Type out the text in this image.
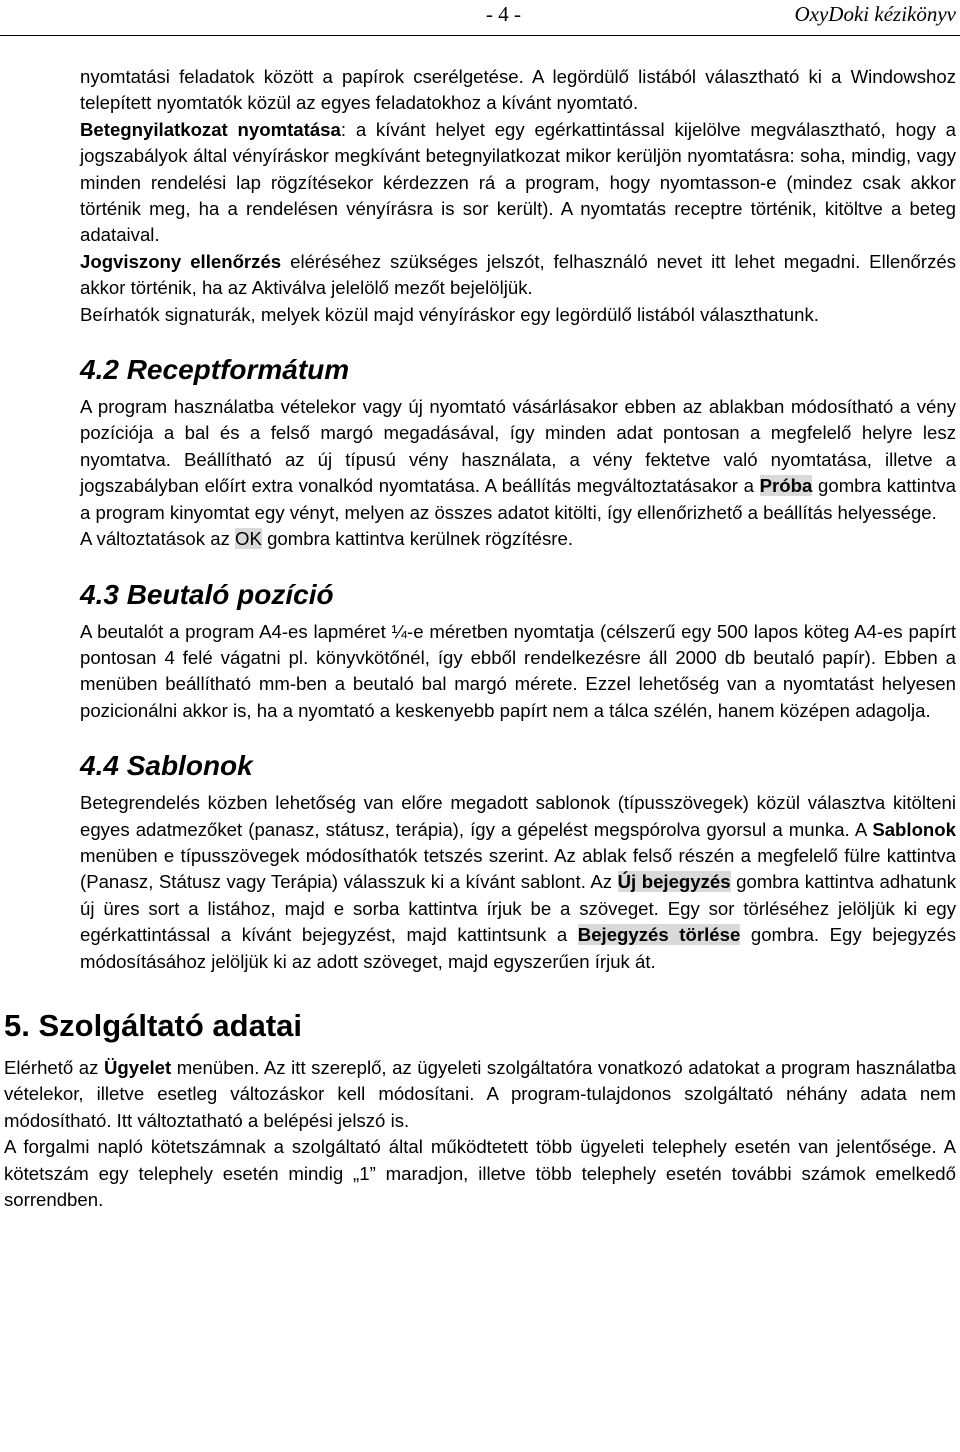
- 4 -	OxyDoki kézikönyv

nyomtatási feladatok között a papírok cserélgetése. A legördülő listából választható ki a Windowshoz telepített nyomtatók közül az egyes feladatokhoz a kívánt nyomtató.

Betegnyilatkozat nyomtatása: a kívánt helyet egy egérkattintással kijelölve megválasztható, hogy a jogszabályok által vényíráskor megkívánt betegnyilatkozat mikor kerüljön nyomtatásra: soha, mindig, vagy minden rendelési lap rögzítésekor kérdezzen rá a program, hogy nyomtasson-e (mindez csak akkor történik meg, ha a rendelésen vényírásra is sor került). A nyomtatás receptre történik, kitöltve a beteg adataival.

Jogviszony ellenőrzés eléréséhez szükséges jelszót, felhasználó nevet itt lehet megadni. Ellenőrzés akkor történik, ha az Aktiválva jelelölő mezőt bejelöljük.

Beírhatók signaturák, melyek közül majd vényíráskor egy legördülő listából választhatunk.

4.2 Receptformátum

A program használatba vételekor vagy új nyomtató vásárlásakor ebben az ablakban módosítható a vény pozíciója a bal és a felső margó megadásával, így minden adat pontosan a megfelelő helyre lesz nyomtatva. Beállítható az új típusú vény használata, a vény fektetve való nyomtatása, illetve a jogszabályban előírt extra vonalkód nyomtatása. A beállítás megváltoztatásakor a Próba gombra kattintva a program kinyomtat egy vényt, melyen az összes adatot kitölti, így ellenőrizhető a beállítás helyessége.

A változtatások az OK gombra kattintva kerülnek rögzítésre.

4.3 Beutaló pozíció

A beutalót a program A4-es lapméret ¼-e méretben nyomtatja (célszerű egy 500 lapos köteg A4-es papírt pontosan 4 felé vágatni pl. könyvkötőnél, így ebből rendelkezésre áll 2000 db beutaló papír). Ebben a menüben beállítható mm-ben a beutaló bal margó mérete. Ezzel lehetőség van a nyomtatást helyesen pozicionálni akkor is, ha a nyomtató a keskenyebb papírt nem a tálca szélén, hanem középen adagolja.

4.4 Sablonok

Betegrendelés közben lehetőség van előre megadott sablonok (típusszövegek) közül választva kitölteni egyes adatmezőket (panasz, státusz, terápia), így a gépelést megspórolva gyorsul a munka. A Sablonok menüben e típusszövegek módosíthatók tetszés szerint. Az ablak felső részén a megfelelő fülre kattintva (Panasz, Státusz vagy Terápia) válasszuk ki a kívánt sablont. Az Új bejegyzés gombra kattintva adhatunk új üres sort a listához, majd e sorba kattintva írjuk be a szöveget. Egy sor törléséhez jelöljük ki egy egérkattintással a kívánt bejegyzést, majd kattintsunk a Bejegyzés törlése gombra. Egy bejegyzés módosításához jelöljük ki az adott szöveget, majd egyszerűen írjuk át.

5. Szolgáltató adatai

Elérhető az Ügyelet menüben. Az itt szereplő, az ügyeleti szolgáltatóra vonatkozó adatokat a program használatba vételekor, illetve esetleg változáskor kell módosítani. A program-tulajdonos szolgáltató néhány adata nem módosítható. Itt változtatható a belépési jelszó is.

A forgalmi napló kötetszámnak a szolgáltató által működtetett több ügyeleti telephely esetén van jelentősége. A kötetszám egy telephely esetén mindig „1” maradjon, illetve több telephely esetén további számok emelkedő sorrendben.
